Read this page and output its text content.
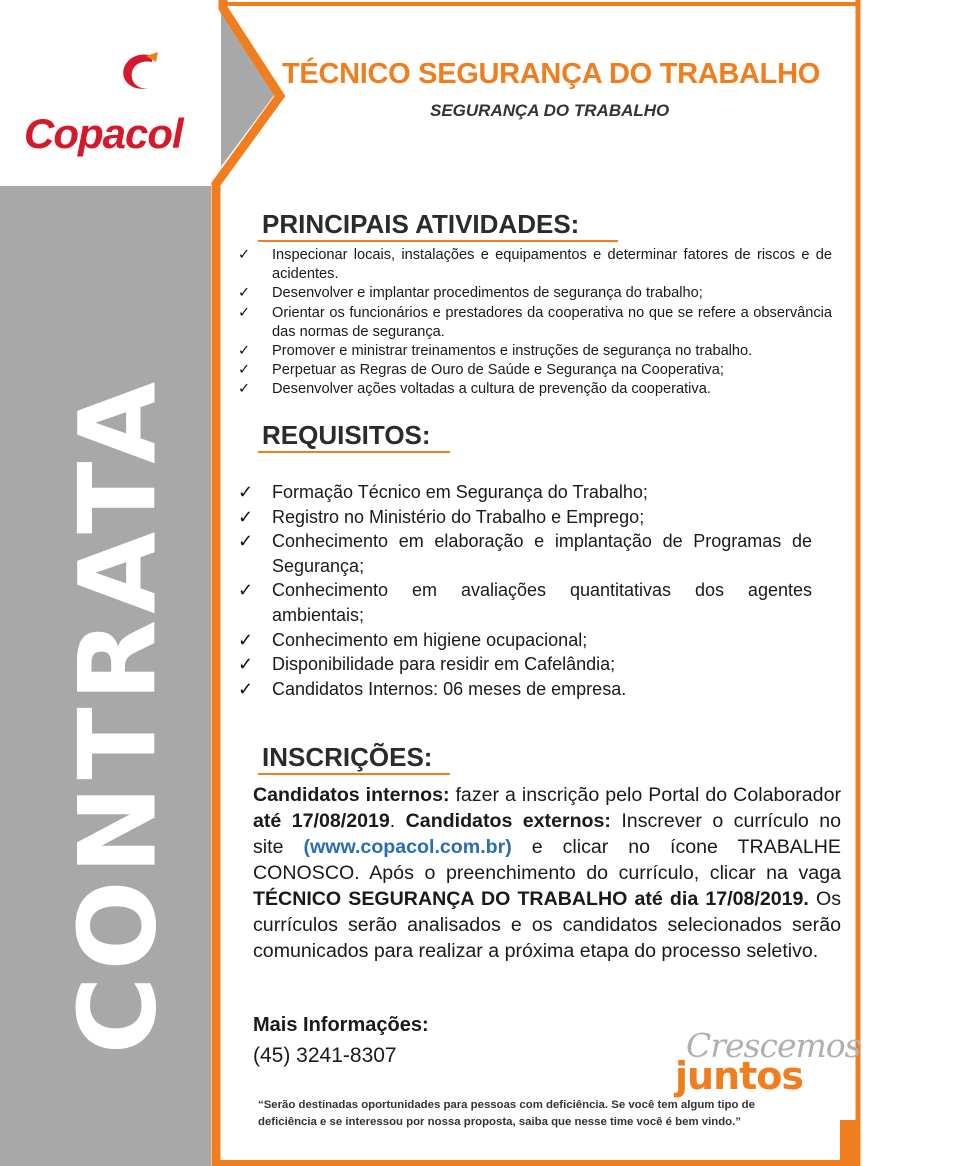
Copacol
CONTRATA
TÉCNICO SEGURANÇA DO TRABALHO
SEGURANÇA DO TRABALHO
PRINCIPAIS ATIVIDADES:
✓ Inspecionar locais, instalações e equipamentos e determinar fatores de riscos e de acidentes.
✓ Desenvolver e implantar procedimentos de segurança do trabalho;
✓ Orientar os funcionários e prestadores da cooperativa no que se refere a observância das normas de segurança.
✓ Promover e ministrar treinamentos e instruções de segurança no trabalho.
✓ Perpetuar as Regras de Ouro de Saúde e Segurança na Cooperativa;
✓ Desenvolver ações voltadas a cultura de prevenção da cooperativa.
REQUISITOS:
✓ Formação Técnico em Segurança do Trabalho;
✓ Registro no Ministério do Trabalho e Emprego;
✓ Conhecimento em elaboração e implantação de Programas de Segurança;
✓ Conhecimento em avaliações quantitativas dos agentes ambientais;
✓ Conhecimento em higiene ocupacional;
✓ Disponibilidade para residir em Cafelândia;
✓ Candidatos Internos: 06 meses de empresa.
INSCRIÇÕES:
Candidatos internos: fazer a inscrição pelo Portal do Colaborador até 17/08/2019. Candidatos externos: Inscrever o currículo no site (www.copacol.com.br) e clicar no ícone TRABALHE CONOSCO. Após o preenchimento do currículo, clicar na vaga TÉCNICO SEGURANÇA DO TRABALHO até dia 17/08/2019. Os currículos serão analisados e os candidatos selecionados serão comunicados para realizar a próxima etapa do processo seletivo.
Mais Informações:
(45) 3241-8307	Crescemos
juntos
“Serão destinadas oportunidades para pessoas com deficiência. Se você tem algum tipo de deficiência e se interessou por nossa proposta, saiba que nesse time você é bem vindo.”
